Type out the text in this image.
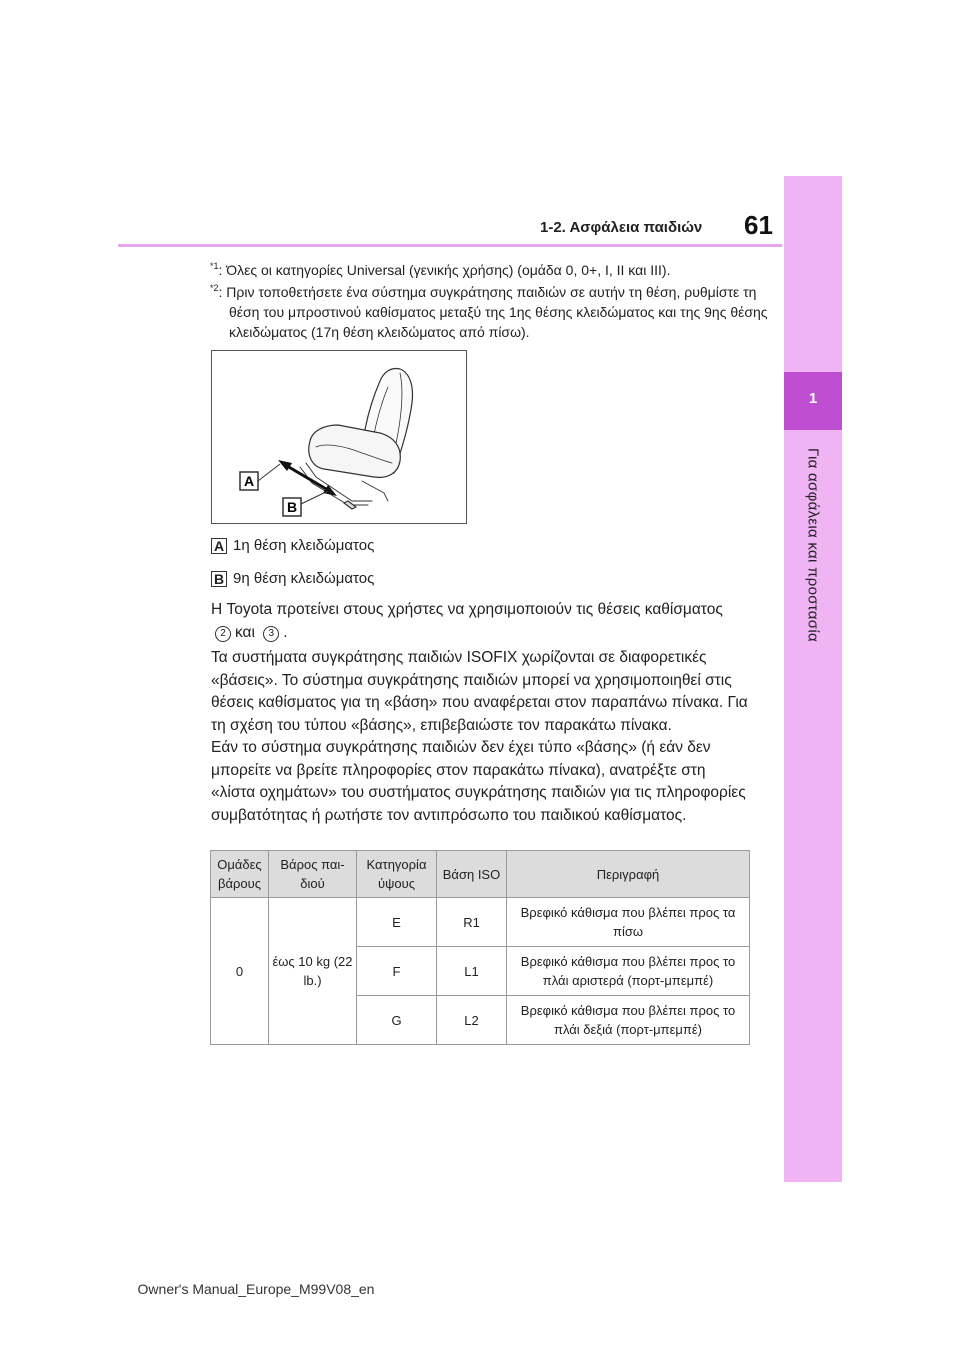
1
Για ασφάλεια και προστασία
1-2. Ασφάλεια παιδιών 61
$^{*1}$: Όλες οι κατηγορίες Universal (γενικής χρήσης) (ομάδα 0, 0+, I, II και III).
$^{*2}$: Πριν τοποθετήσετε ένα σύστημα συγκράτησης παιδιών σε αυτήν τη θέση, ρυθμίστε τη θέση του μπροστινού καθίσματος μεταξύ της 1ης θέσης κλειδώματος και της 9ης θέσης κλειδώματος (17η θέση κλειδώματος από πίσω).
A
B
A 1η θέση κλειδώματος
B 9η θέση κλειδώματος
Η Toyota προτείνει στους χρήστες να χρησιμοποιούν τις θέσεις καθίσματος 2 και 3 .
Τα συστήματα συγκράτησης παιδιών ISOFIX χωρίζονται σε διαφορετικές «βάσεις». Το σύστημα συγκράτησης παιδιών μπορεί να χρησιμοποιηθεί στις θέσεις καθίσματος για τη «βάση» που αναφέρεται στον παραπάνω πίνακα. Για τη σχέση του τύπου «βάσης», επιβεβαιώστε τον παρακάτω πίνακα.
Εάν το σύστημα συγκράτησης παιδιών δεν έχει τύπο «βάσης» (ή εάν δεν μπορείτε να βρείτε πληροφορίες στον παρακάτω πίνακα), ανατρέξτε στη «λίστα οχημάτων» του συστήματος συγκράτησης παιδιών για τις πληροφορίες συμβατότητας ή ρωτήστε τον αντιπρόσωπο του παιδικού καθίσματος.
Ομάδες βάρους	Βάρος παι-διού	Κατηγορία ύψους	Βάση ISO	Περιγραφή
0	έως 10 kg (22 lb.)	E	R1	Βρεφικό κάθισμα που βλέπει προς τα πίσω
		F	L1	Βρεφικό κάθισμα που βλέπει προς το πλάι αριστερά (πορτ-μπεμπέ)
		G	L2	Βρεφικό κάθισμα που βλέπει προς το πλάι δεξιά (πορτ-μπεμπέ)
Owner's Manual_Europe_M99V08_en
